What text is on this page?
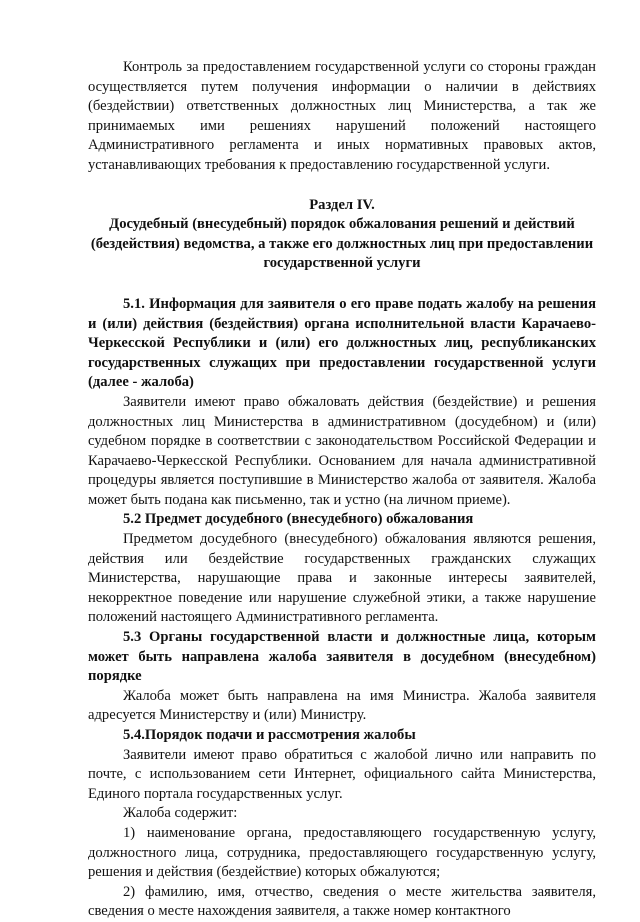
Контроль за предоставлением государственной услуги со стороны граждан осуществляется путем получения информации о наличии в действиях (бездействии) ответственных должностных лиц Министерства, а так же принимаемых ими решениях нарушений положений настоящего Административного регламента и иных нормативных правовых актов, устанавливающих требования к предоставлению государственной услуги.

Раздел IV.

Досудебный (внесудебный) порядок обжалования решений и действий (бездействия) ведомства, а также его должностных лиц при предоставлении государственной услуги

5.1. Информация для заявителя о его праве подать жалобу на решения и (или) действия (бездействия) органа исполнительной власти Карачаево-Черкесской Республики и (или) его должностных лиц, республиканских государственных служащих при предоставлении государственной услуги (далее - жалоба)

Заявители имеют право обжаловать действия (бездействие) и решения должностных лиц Министерства в административном (досудебном) и (или) судебном порядке в соответствии с законодательством Российской Федерации и Карачаево-Черкесской Республики. Основанием для начала административной процедуры является поступившие в Министерство жалоба от заявителя. Жалоба может быть подана как письменно, так и устно (на личном приеме).

5.2 Предмет досудебного (внесудебного) обжалования

Предметом досудебного (внесудебного) обжалования являются решения, действия или бездействие государственных гражданских служащих Министерства, нарушающие права и законные интересы заявителей, некорректное поведение или нарушение служебной этики, а также нарушение положений настоящего Административного регламента.

5.3 Органы государственной власти и должностные лица, которым может быть направлена жалоба заявителя в досудебном (внесудебном) порядке

Жалоба может быть направлена на имя Министра. Жалоба заявителя адресуется Министерству и (или) Министру.

5.4.Порядок подачи и рассмотрения жалобы

Заявители имеют право обратиться с жалобой лично или направить по почте, с использованием сети Интернет, официального сайта Министерства, Единого портала государственных услуг.

Жалоба содержит:

1) наименование органа, предоставляющего государственную услугу, должностного лица, сотрудника, предоставляющего государственную услугу, решения и действия (бездействие) которых обжалуются;

2) фамилию, имя, отчество, сведения о месте жительства заявителя, сведения о месте нахождения заявителя, а также номер контактного
